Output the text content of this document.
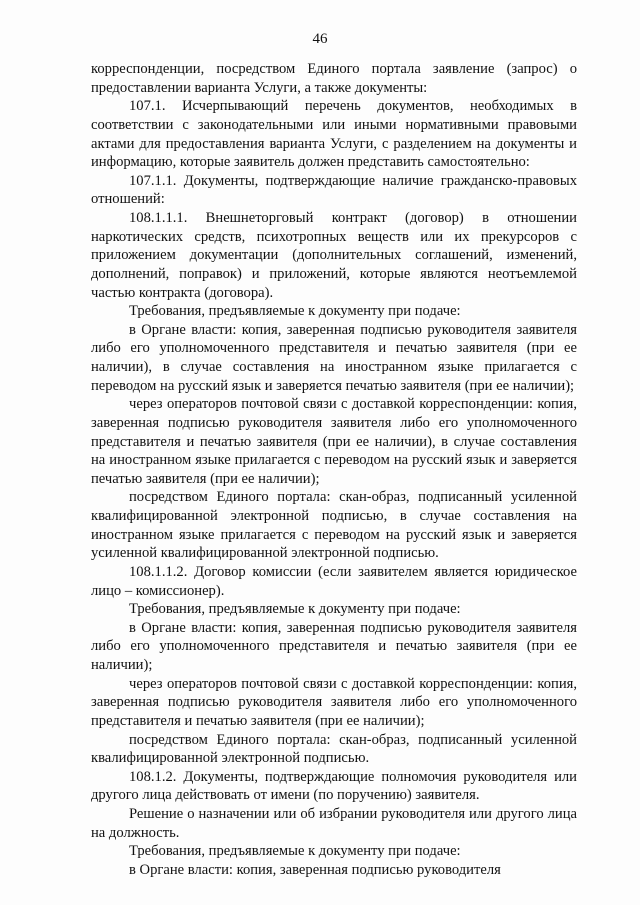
46

корреспонденции, посредством Единого портала заявление (запрос) о предоставлении варианта Услуги, а также документы:

107.1. Исчерпывающий перечень документов, необходимых в соответствии с законодательными или иными нормативными правовыми актами для предоставления варианта Услуги, с разделением на документы и информацию, которые заявитель должен представить самостоятельно:

107.1.1. Документы, подтверждающие наличие гражданско-правовых отношений:

108.1.1.1. Внешнеторговый контракт (договор) в отношении наркотических средств, психотропных веществ или их прекурсоров с приложением документации (дополнительных соглашений, изменений, дополнений, поправок) и приложений, которые являются неотъемлемой частью контракта (договора).

Требования, предъявляемые к документу при подаче:

в Органе власти: копия, заверенная подписью руководителя заявителя либо его уполномоченного представителя и печатью заявителя (при ее наличии), в случае составления на иностранном языке прилагается с переводом на русский язык и заверяется печатью заявителя (при ее наличии);

через операторов почтовой связи с доставкой корреспонденции: копия, заверенная подписью руководителя заявителя либо его уполномоченного представителя и печатью заявителя (при ее наличии), в случае составления на иностранном языке прилагается с переводом на русский язык и заверяется печатью заявителя (при ее наличии);

посредством Единого портала: скан-образ, подписанный усиленной квалифицированной электронной подписью, в случае составления на иностранном языке прилагается с переводом на русский язык и заверяется усиленной квалифицированной электронной подписью.

108.1.1.2. Договор комиссии (если заявителем является юридическое лицо – комиссионер).

Требования, предъявляемые к документу при подаче:

в Органе власти: копия, заверенная подписью руководителя заявителя либо его уполномоченного представителя и печатью заявителя (при ее наличии);

через операторов почтовой связи с доставкой корреспонденции: копия, заверенная подписью руководителя заявителя либо его уполномоченного представителя и печатью заявителя (при ее наличии);

посредством Единого портала: скан-образ, подписанный усиленной квалифицированной электронной подписью.

108.1.2. Документы, подтверждающие полномочия руководителя или другого лица действовать от имени (по поручению) заявителя.

Решение о назначении или об избрании руководителя или другого лица на должность.

Требования, предъявляемые к документу при подаче:

в Органе власти: копия, заверенная подписью руководителя
